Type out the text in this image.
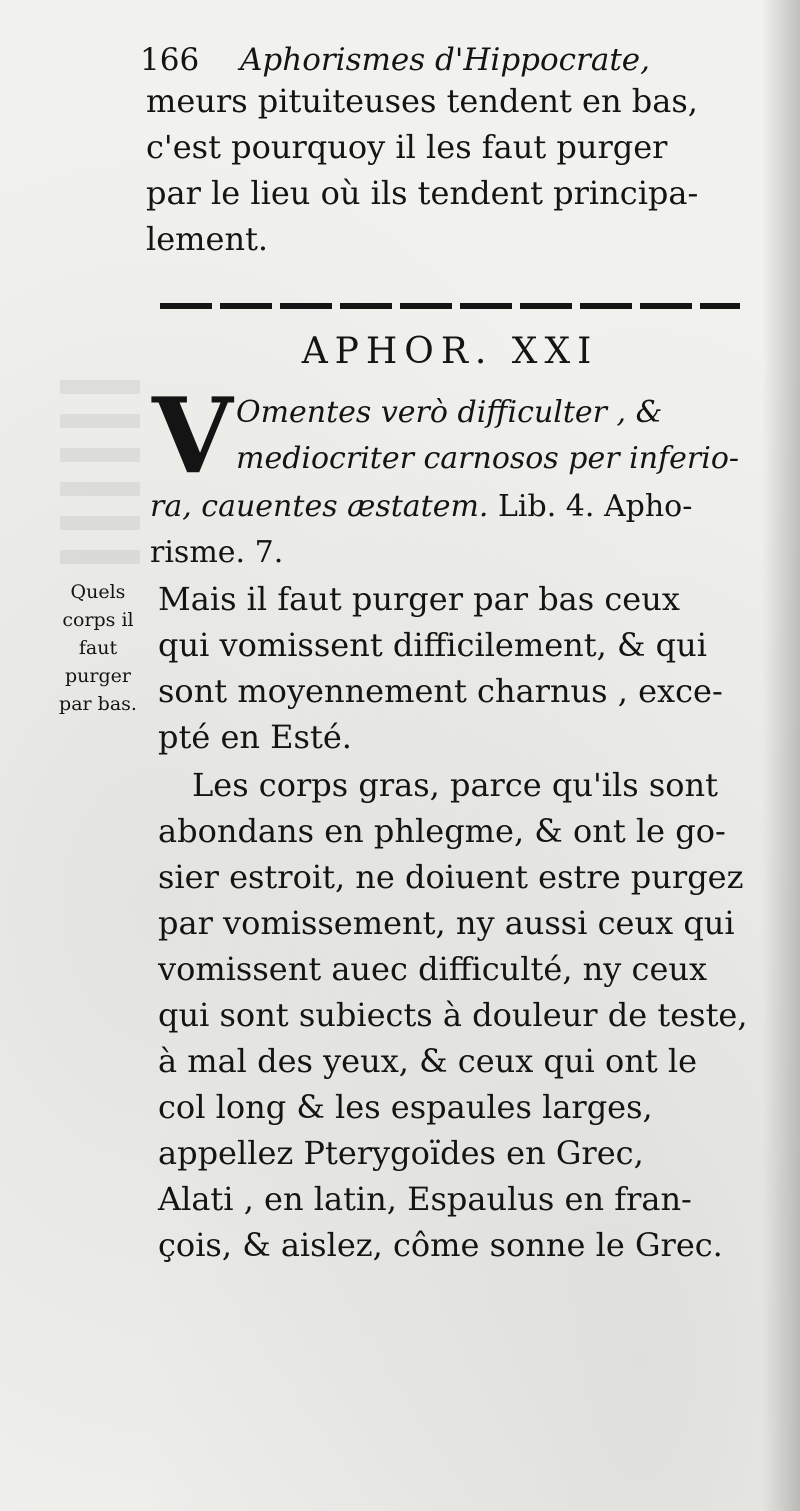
166 Aphorismes d'Hippocrate,
meurs pituiteuses tendent en bas,
c'est pourquoy il les faut purger
par le lieu où ils tendent principa-
lement.
APHOR. XXI
V Omentes verò difficulter , &
mediocriter carnosos per inferio-
ra, cauentes æstatem. Lib. 4. Apho-
risme. 7.
Quels
corps il
faut
purger
par bas.
Mais il faut purger par bas ceux
qui vomissent difficilement, & qui
sont moyennement charnus , exce-
pté en Esté.
Les corps gras, parce qu'ils sont
abondans en phlegme, & ont le go-
sier estroit, ne doiuent estre purgez
par vomissement, ny aussi ceux qui
vomissent auec difficulté, ny ceux
qui sont subiects à douleur de teste,
à mal des yeux, & ceux qui ont le
col long & les espaules larges,
appellez Pterygoïdes en Grec,
Alati , en latin, Espaulus en fran-
çois, & aislez, côme sonne le Grec.
